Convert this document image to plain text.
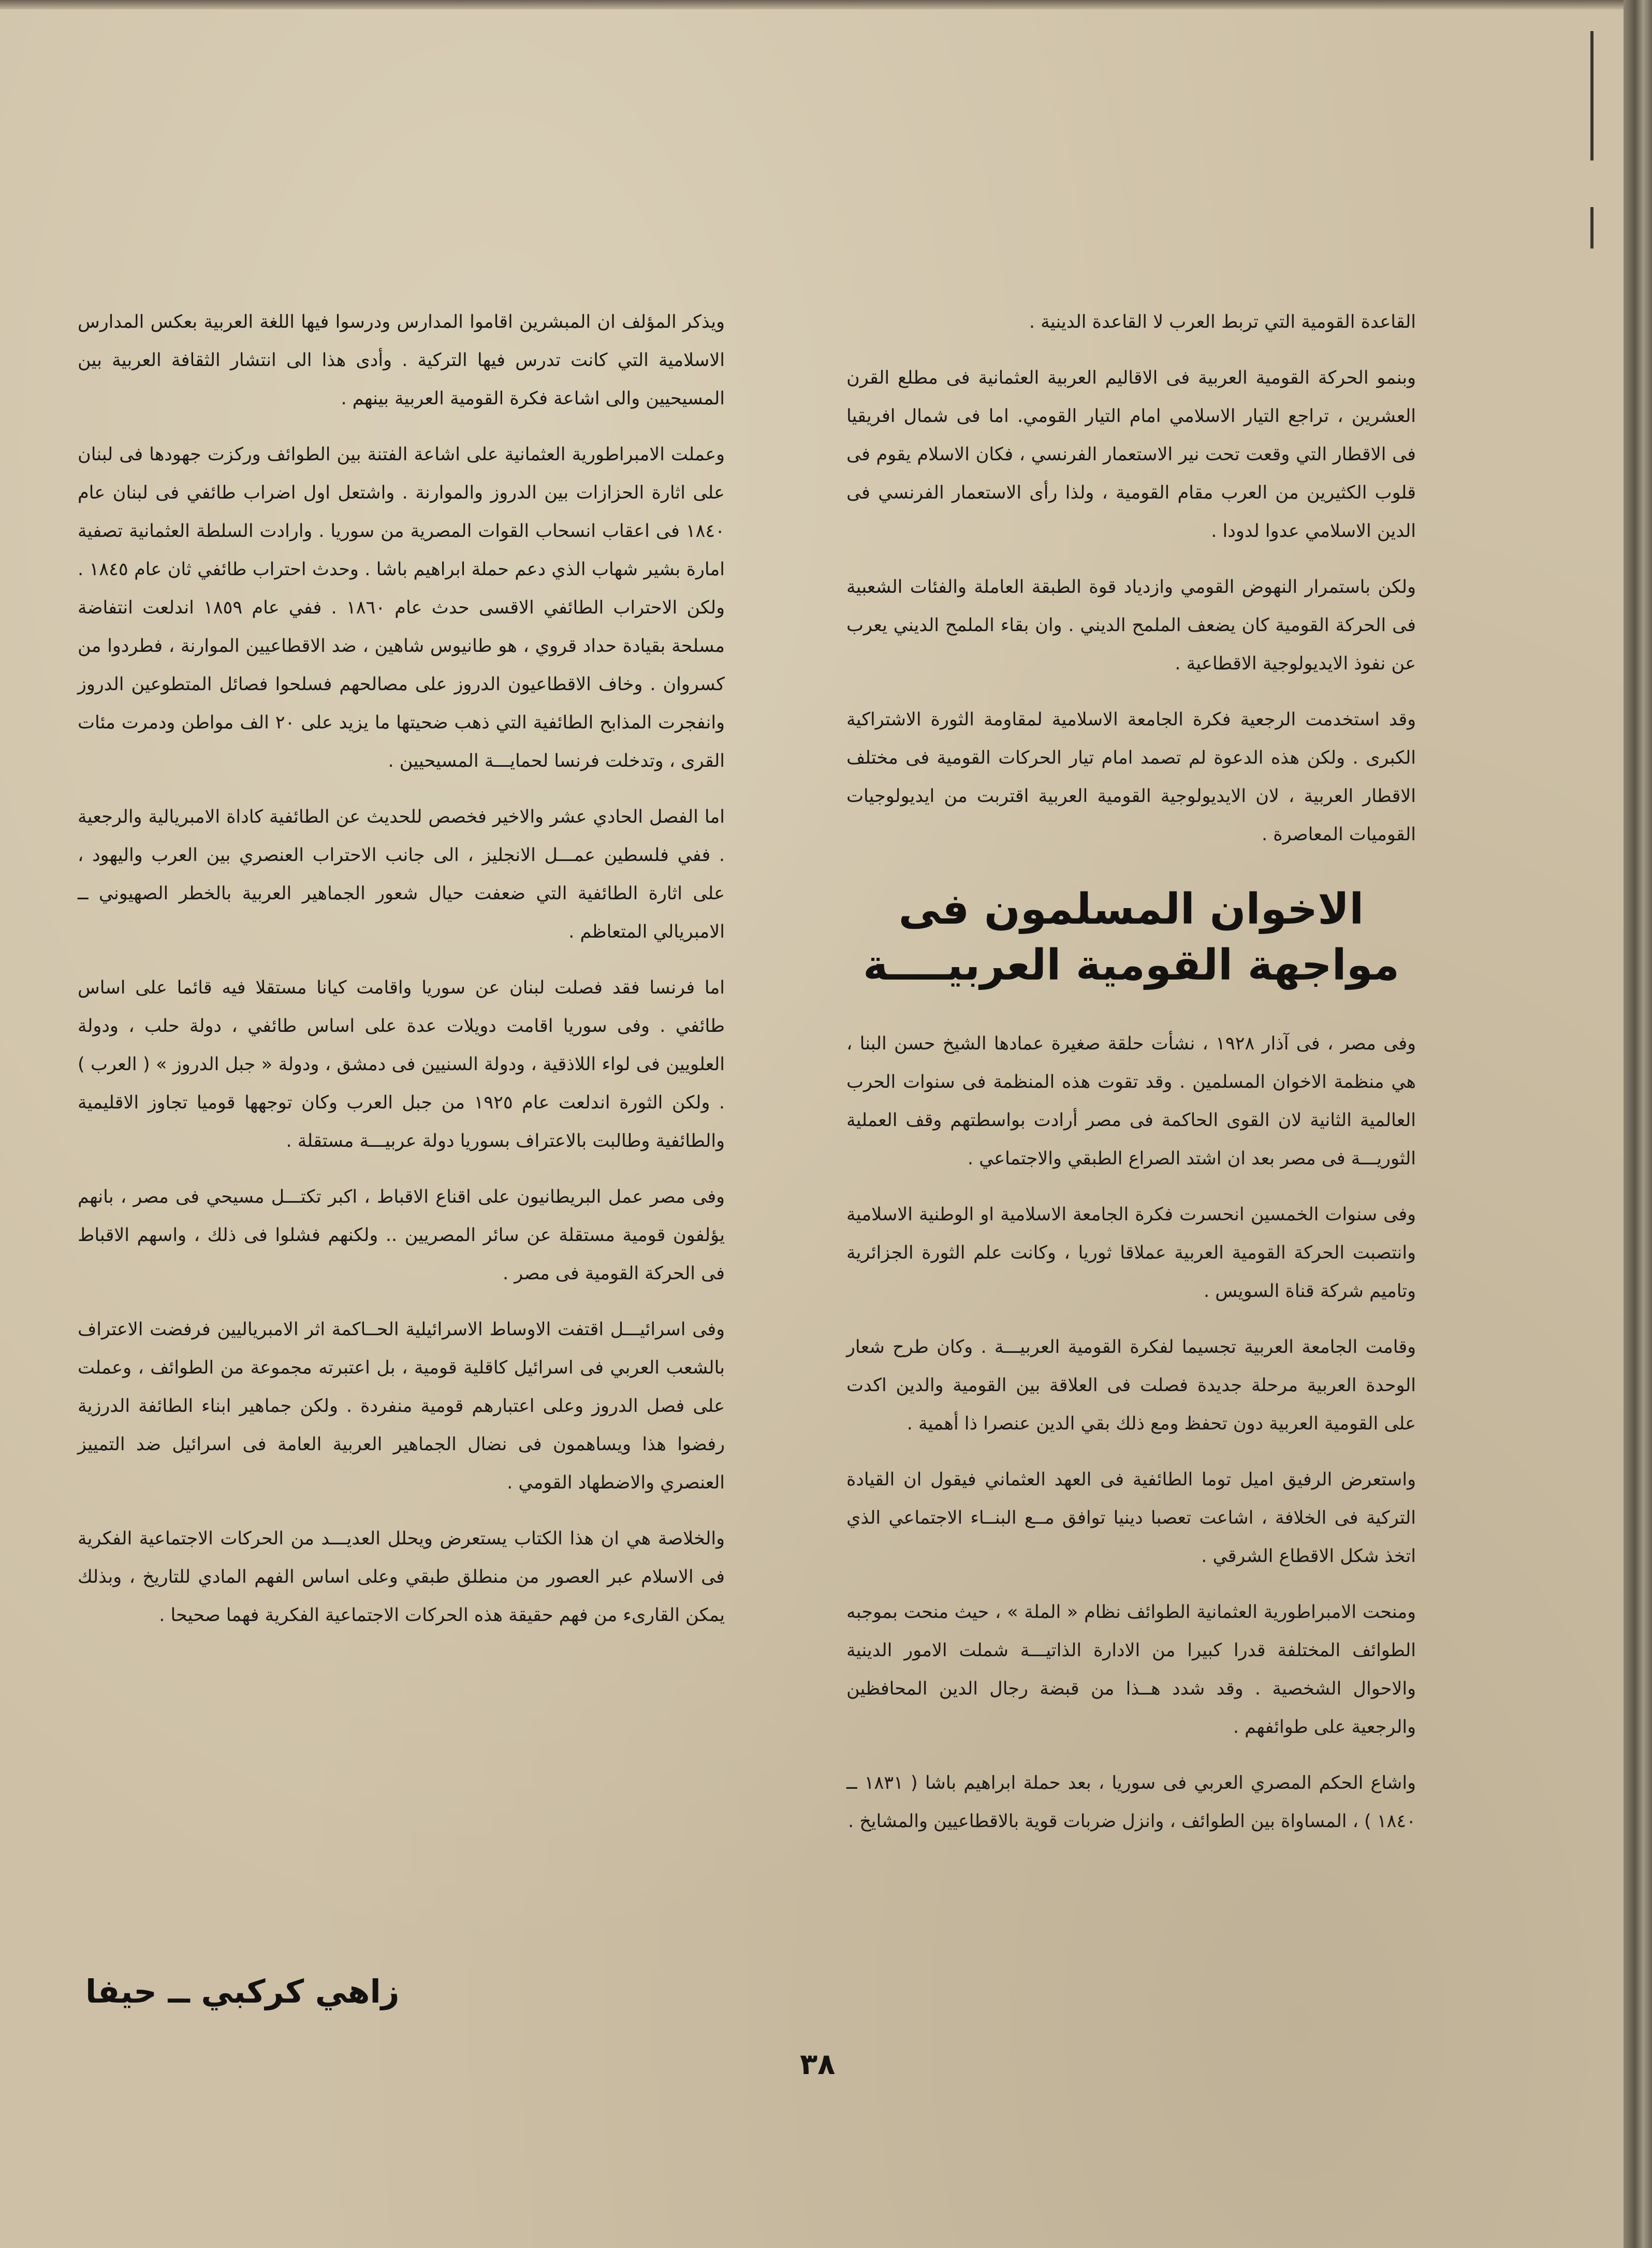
القاعدة القومية التي تربط العرب لا القاعدة الدينية .

وبنمو الحركة القومية العربية فى الاقاليم العربية العثمانية فى مطلع القرن العشرين ، تراجع التيار الاسلامي امام التيار القومي. اما فى شمال افريقيا فى الاقطار التي وقعت تحت نير الاستعمار الفرنسي ، فكان الاسلام يقوم فى قلوب الكثيرين من العرب مقام القومية ، ولذا رأى الاستعمار الفرنسي فى الدين الاسلامي عدوا لدودا .

ولكن باستمرار النهوض القومي وازدياد قوة الطبقة العاملة والفئات الشعبية فى الحركة القومية كان يضعف الملمح الديني . وان بقاء الملمح الديني يعرب عن نفوذ الايديولوجية الاقطاعية .

وقد استخدمت الرجعية فكرة الجامعة الاسلامية لمقاومة الثورة الاشتراكية الكبرى . ولكن هذه الدعوة لم تصمد امام تيار الحركات القومية فى مختلف الاقطار العربية ، لان الايديولوجية القومية العربية اقتربت من ايديولوجيات القوميات المعاصرة .

الاخوان المسلمون فى مواجهة القومية العربيــــة

وفى مصر ، فى آذار ١٩٢٨ ، نشأت حلقة صغيرة عمادها الشيخ حسن البنا ، هي منظمة الاخوان المسلمين . وقد تقوت هذه المنظمة فى سنوات الحرب العالمية الثانية لان القوى الحاكمة فى مصر أرادت بواسطتهم وقف العملية الثوريـــة فى مصر بعد ان اشتد الصراع الطبقي والاجتماعي .

وفى سنوات الخمسين انحسرت فكرة الجامعة الاسلامية او الوطنية الاسلامية وانتصبت الحركة القومية العربية عملاقا ثوريا ، وكانت علم الثورة الجزائرية وتاميم شركة قناة السويس .

وقامت الجامعة العربية تجسيما لفكرة القومية العربيـــة . وكان طرح شعار الوحدة العربية مرحلة جديدة فصلت فى العلاقة بين القومية والدين اكدت على القومية العربية دون تحفظ ومع ذلك بقي الدين عنصرا ذا أهمية .

واستعرض الرفيق اميل توما الطائفية فى العهد العثماني فيقول ان القيادة التركية فى الخلافة ، اشاعت تعصبا دينيا توافق مــع البنــاء الاجتماعي الذي اتخذ شكل الاقطاع الشرقي .

ومنحت الامبراطورية العثمانية الطوائف نظام « الملة » ، حيث منحت بموجبه الطوائف المختلفة قدرا كبيرا من الادارة الذاتيـــة شملت الامور الدينية والاحوال الشخصية . وقد شدد هــذا من قبضة رجال الدين المحافظين والرجعية على طوائفهم .

واشاع الحكم المصري العربي فى سوريا ، بعد حملة ابراهيم باشا ( ١٨٣١ ــ ١٨٤٠ ) ، المساواة بين الطوائف ، وانزل ضربات قوية بالاقطاعيين والمشايخ .

ويذكر المؤلف ان المبشرين اقاموا المدارس ودرسوا فيها اللغة العربية بعكس المدارس الاسلامية التي كانت تدرس فيها التركية . وأدى هذا الى انتشار الثقافة العربية بين المسيحيين والى اشاعة فكرة القومية العربية بينهم .

وعملت الامبراطورية العثمانية على اشاعة الفتنة بين الطوائف وركزت جهودها فى لبنان على اثارة الحزازات بين الدروز والموارنة . واشتعل اول اضراب طائفي فى لبنان عام ١٨٤٠ فى اعقاب انسحاب القوات المصرية من سوريا . وارادت السلطة العثمانية تصفية امارة بشير شهاب الذي دعم حملة ابراهيم باشا . وحدث احتراب طائفي ثان عام ١٨٤٥ . ولكن الاحتراب الطائفي الاقسى حدث عام ١٨٦٠ . ففي عام ١٨٥٩ اندلعت انتفاضة مسلحة بقيادة حداد قروي ، هو طانيوس شاهين ، ضد الاقطاعيين الموارنة ، فطردوا من كسروان . وخاف الاقطاعيون الدروز على مصالحهم فسلحوا فصائل المتطوعين الدروز وانفجرت المذابح الطائفية التي ذهب ضحيتها ما يزيد على ٢٠ الف مواطن ودمرت مئات القرى ، وتدخلت فرنسا لحمايـــة المسيحيين .

اما الفصل الحادي عشر والاخير فخصص للحديث عن الطائفية كاداة الامبريالية والرجعية . ففي فلسطين عمـــل الانجليز ، الى جانب الاحتراب العنصري بين العرب واليهود ، على اثارة الطائفية التي ضعفت حيال شعور الجماهير العربية بالخطر الصهيوني ــ الامبريالي المتعاظم .

اما فرنسا فقد فصلت لبنان عن سوريا واقامت كيانا مستقلا فيه قائما على اساس طائفي . وفى سوريا اقامت دويلات عدة على اساس طائفي ، دولة حلب ، ودولة العلويين فى لواء اللاذقية ، ودولة السنيين فى دمشق ، ودولة « جبل الدروز » ( العرب ) . ولكن الثورة اندلعت عام ١٩٢٥ من جبل العرب وكان توجهها قوميا تجاوز الاقليمية والطائفية وطالبت بالاعتراف بسوريا دولة عربيـــة مستقلة .

وفى مصر عمل البريطانيون على اقناع الاقباط ، اكبر تكتـــل مسيحي فى مصر ، بانهم يؤلفون قومية مستقلة عن سائر المصريين .. ولكنهم فشلوا فى ذلك ، واسهم الاقباط فى الحركة القومية فى مصر .

وفى اسرائيـــل اقتفت الاوساط الاسرائيلية الحــاكمة اثر الامبرياليين فرفضت الاعتراف بالشعب العربي فى اسرائيل كاقلية قومية ، بل اعتبرته مجموعة من الطوائف ، وعملت على فصل الدروز وعلى اعتبارهم قومية منفردة . ولكن جماهير ابناء الطائفة الدرزية رفضوا هذا ويساهمون فى نضال الجماهير العربية العامة فى اسرائيل ضد التمييز العنصري والاضطهاد القومي .

والخلاصة هي ان هذا الكتاب يستعرض ويحلل العديـــد من الحركات الاجتماعية الفكرية فى الاسلام عبر العصور من منطلق طبقي وعلى اساس الفهم المادي للتاريخ ، وبذلك يمكن القارىء من فهم حقيقة هذه الحركات الاجتماعية الفكرية فهما صحيحا .

زاهي كركبي ــ حيفا
٣٨
